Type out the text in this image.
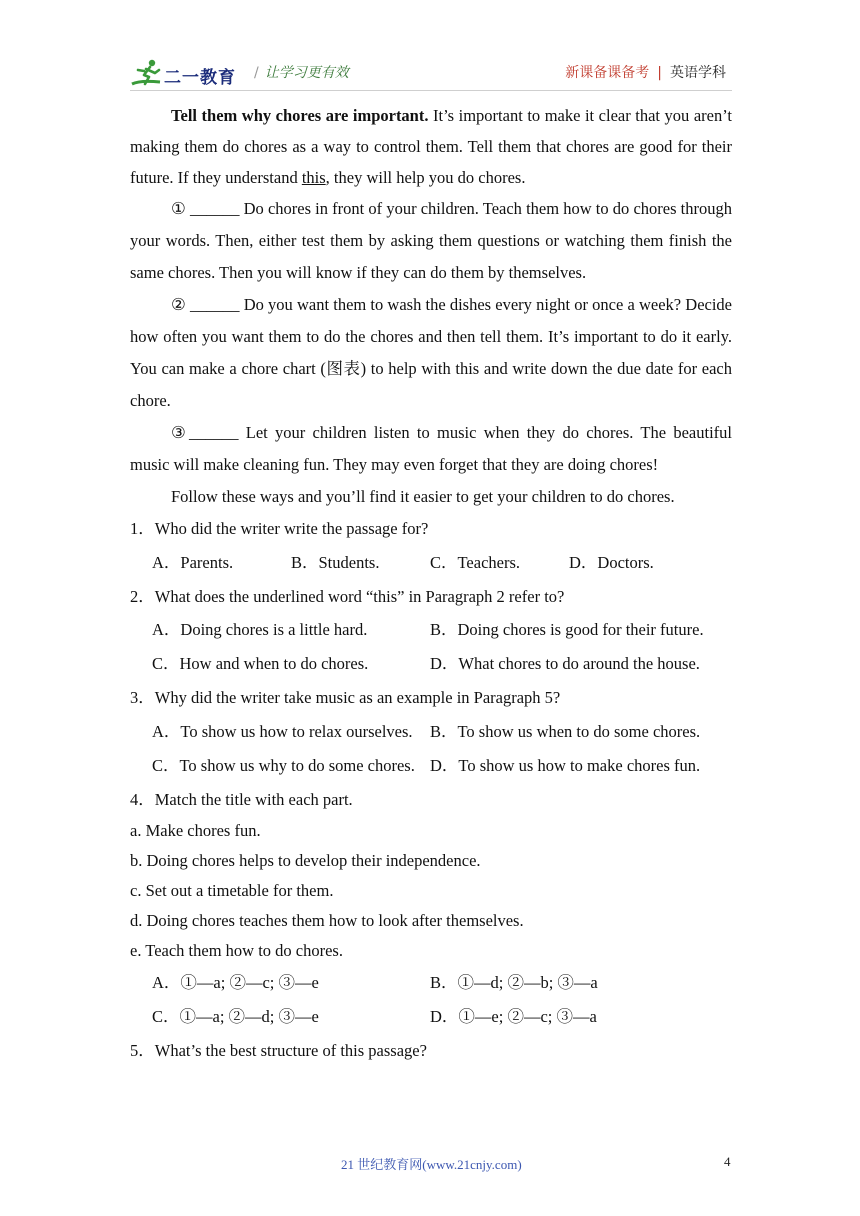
二一教育 / 让学习更有效	新课备课备考 | 英语学科

Tell them why chores are important. It’s important to make it clear that you aren’t making them do chores as a way to control them. Tell them that chores are good for their future. If they understand this, they will help you do chores.

① ______ Do chores in front of your children. Teach them how to do chores through your words. Then, either test them by asking them questions or watching them finish the same chores. Then you will know if they can do them by themselves.

② ______ Do you want them to wash the dishes every night or once a week? Decide how often you want them to do the chores and then tell them. It’s important to do it early. You can make a chore chart (图表) to help with this and write down the due date for each chore.

③______ Let your children listen to music when they do chores. The beautiful music will make cleaning fun. They may even forget that they are doing chores!

Follow these ways and you’ll find it easier to get your children to do chores.

1．Who did the writer write the passage for?

A．Parents.	B．Students.	C．Teachers.	D．Doctors.

2．What does the underlined word “this” in Paragraph 2 refer to?

A．Doing chores is a little hard.	B．Doing chores is good for their future.
C．How and when to do chores.	D．What chores to do around the house.

3．Why did the writer take music as an example in Paragraph 5?

A．To show us how to relax ourselves.	B．To show us when to do some chores.
C．To show us why to do some chores. D．To show us how to make chores fun.

4．Match the title with each part.

a. Make chores fun.

b. Doing chores helps to develop their independence.

c. Set out a timetable for them.

d. Doing chores teaches them how to look after themselves.

e. Teach them how to do chores.

A．①—a; ②—c; ③—e	B．①—d; ②—b; ③—a
C．①—a; ②—d; ③—e	D．①—e; ②—c; ③—a

5．What’s the best structure of this passage?

21 世纪教育网(www.21cnjy.com)	4
